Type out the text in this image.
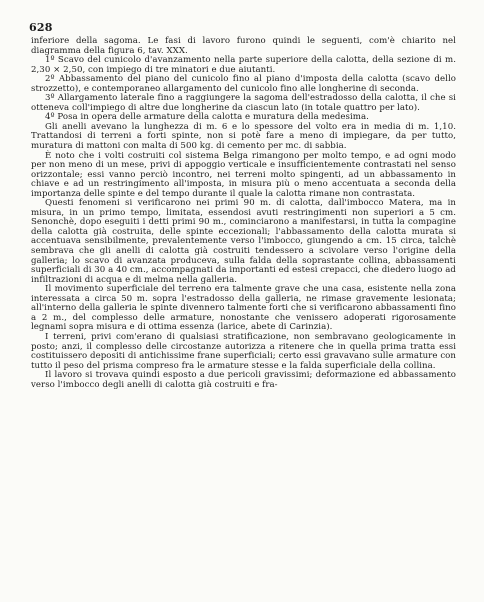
628

inferiore della sagoma. Le fasi di lavoro furono quindi le seguenti, com'è chiarito nel diagramma della figura 6, tav. XXX.

1º Scavo del cunicolo d'avanzamento nella parte superiore della calotta, della sezione di m. 2,30 × 2,50, con impiego di tre minatori e due aiutanti.

2º Abbassamento del piano del cunicolo fino al piano d'imposta della calotta (scavo dello strozzetto), e contemporaneo allargamento del cunicolo fino alle longherine di seconda.

3º Allargamento laterale fino a raggiungere la sagoma dell'estradosso della calotta, il che si otteneva coll'impiego di altre due longherine da ciascun lato (in totale quattro per lato).

4º Posa in opera delle armature della calotta e muratura della medesima.

Gli anelli avevano la lunghezza di m. 6 e lo spessore del volto era in media di m. 1,10. Trattandosi di terreni a forti spinte, non si potè fare a meno di impiegare, da per tutto, muratura di mattoni con malta di 500 kg. di cemento per mc. di sabbia.

È noto che i volti costruiti col sistema Belga rimangono per molto tempo, e ad ogni modo per non meno di un mese, privi di appoggio verticale e insufficientemente contrastati nel senso orizzontale; essi vanno perciò incontro, nei terreni molto spingenti, ad un abbassamento in chiave e ad un restringimento all'imposta, in misura più o meno accentuata a seconda della importanza delle spinte e del tempo durante il quale la calotta rimane non contrastata.

Questi fenomeni si verificarono nei primi 90 m. di calotta, dall'imbocco Matera, ma in misura, in un primo tempo, limitata, essendosi avuti restringimenti non superiori a 5 cm. Senonchè, dopo eseguiti i detti primi 90 m., cominciarono a manifestarsi, in tutta la compagine della calotta già costruita, delle spinte eccezionali; l'abbassamento della calotta murata si accentuava sensibilmente, prevalentemente verso l'imbocco, giungendo a cm. 15 circa, talchè sembrava che gli anelli di calotta già costruiti tendessero a scivolare verso l'origine della galleria; lo scavo di avanzata produceva, sulla falda della soprastante collina, abbassamenti superficiali di 30 a 40 cm., accompagnati da importanti ed estesi crepacci, che diedero luogo ad infiltrazioni di acqua e di melma nella galleria.

Il movimento superficiale del terreno era talmente grave che una casa, esistente nella zona interessata a circa 50 m. sopra l'estradosso della galleria, ne rimase gravemente lesionata; all'interno della galleria le spinte divennero talmente forti che si verificarono abbassamenti fino a 2 m., del complesso delle armature, nonostante che venissero adoperati rigorosamente legnami sopra misura e di ottima essenza (larice, abete di Carinzia).

I terreni, privi com'erano di qualsiasi stratificazione, non sembravano geologicamente in posto; anzi, il complesso delle circostanze autorizza a ritenere che in quella prima tratta essi costituissero depositi di antichissime frane superficiali; certo essi gravavano sulle armature con tutto il peso del prisma compreso fra le armature stesse e la falda superficiale della collina.

Il lavoro si trovava quindi esposto a due pericoli gravissimi; deformazione ed abbassamento verso l'imbocco degli anelli di calotta già costruiti e fra-
